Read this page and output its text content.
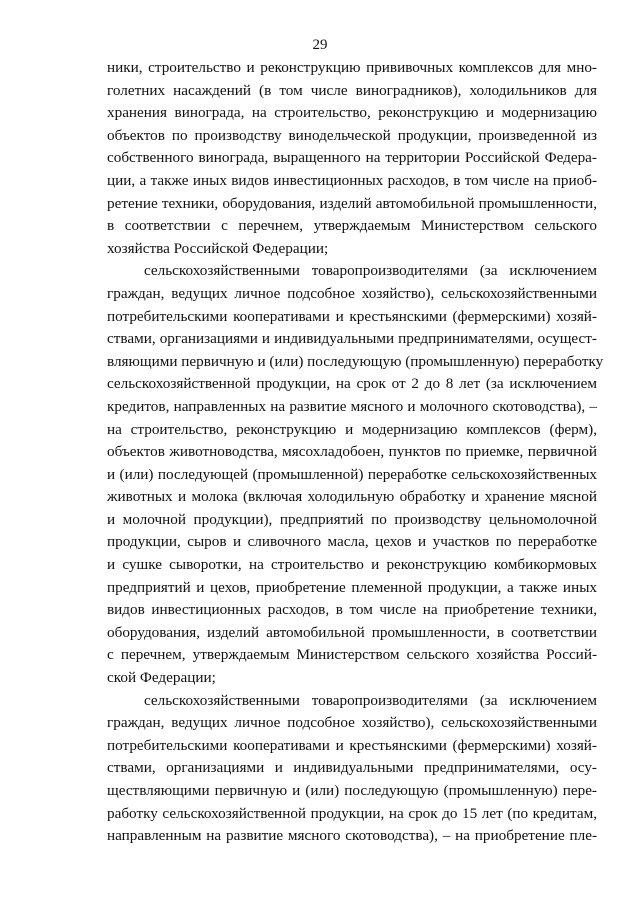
29
ники, строительство и реконструкцию прививочных комплексов для мно-
голетних насаждений (в том числе виноградников), холодильников для
хранения винограда, на строительство, реконструкцию и модернизацию
объектов по производству винодельческой продукции, произведенной из
собственного винограда, выращенного на территории Российской Федера-
ции, а также иных видов инвестиционных расходов, в том числе на приоб-
ретение техники, оборудования, изделий автомобильной промышленности,
в соответствии с перечнем, утверждаемым Министерством сельского
хозяйства Российской Федерации;
сельскохозяйственными товаропроизводителями (за исключением
граждан, ведущих личное подсобное хозяйство), сельскохозяйственными
потребительскими кооперативами и крестьянскими (фермерскими) хозяй-
ствами, организациями и индивидуальными предпринимателями, осущест-
вляющими первичную и (или) последующую (промышленную) переработку
сельскохозяйственной продукции, на срок от 2 до 8 лет (за исключением
кредитов, направленных на развитие мясного и молочного скотоводства), –
на строительство, реконструкцию и модернизацию комплексов (ферм),
объектов животноводства, мясохладобоен, пунктов по приемке, первичной
и (или) последующей (промышленной) переработке сельскохозяйственных
животных и молока (включая холодильную обработку и хранение мясной
и молочной продукции), предприятий по производству цельномолочной
продукции, сыров и сливочного масла, цехов и участков по переработке
и сушке сыворотки, на строительство и реконструкцию комбикормовых
предприятий и цехов, приобретение племенной продукции, а также иных
видов инвестиционных расходов, в том числе на приобретение техники,
оборудования, изделий автомобильной промышленности, в соответствии
с перечнем, утверждаемым Министерством сельского хозяйства Россий-
ской Федерации;
сельскохозяйственными товаропроизводителями (за исключением
граждан, ведущих личное подсобное хозяйство), сельскохозяйственными
потребительскими кооперативами и крестьянскими (фермерскими) хозяй-
ствами, организациями и индивидуальными предпринимателями, осу-
ществляющими первичную и (или) последующую (промышленную) пере-
работку сельскохозяйственной продукции, на срок до 15 лет (по кредитам,
направленным на развитие мясного скотоводства), – на приобретение пле-
